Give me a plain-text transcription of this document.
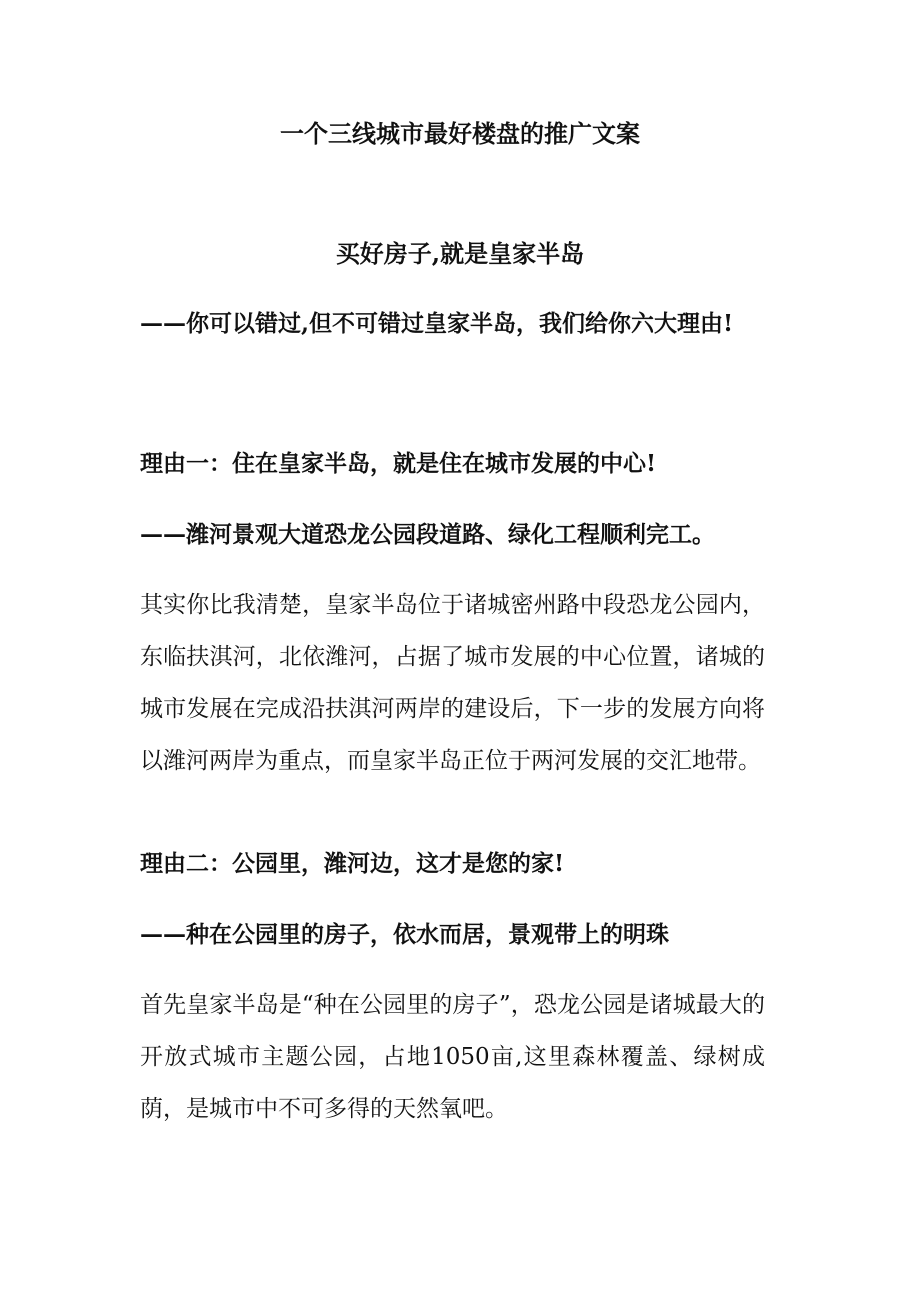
一个三线城市最好楼盘的推广文案
买好房子,就是皇家半岛

——你可以错过,但不可错过皇家半岛，我们给你六大理由!

理由一：住在皇家半岛，就是住在城市发展的中心!

——潍河景观大道恐龙公园段道路、绿化工程顺利完工。

其实你比我清楚，皇家半岛位于诸城密州路中段恐龙公园内，东临扶淇河，北依潍河，占据了城市发展的中心位置，诸城的城市发展在完成沿扶淇河两岸的建设后，下一步的发展方向将以潍河两岸为重点，而皇家半岛正位于两河发展的交汇地带。

理由二：公园里，潍河边，这才是您的家!

——种在公园里的房子，依水而居，景观带上的明珠

首先皇家半岛是“种在公园里的房子”，恐龙公园是诸城最大的开放式城市主题公园，占地1050亩,这里森林覆盖、绿树成荫，是城市中不可多得的天然氧吧。
